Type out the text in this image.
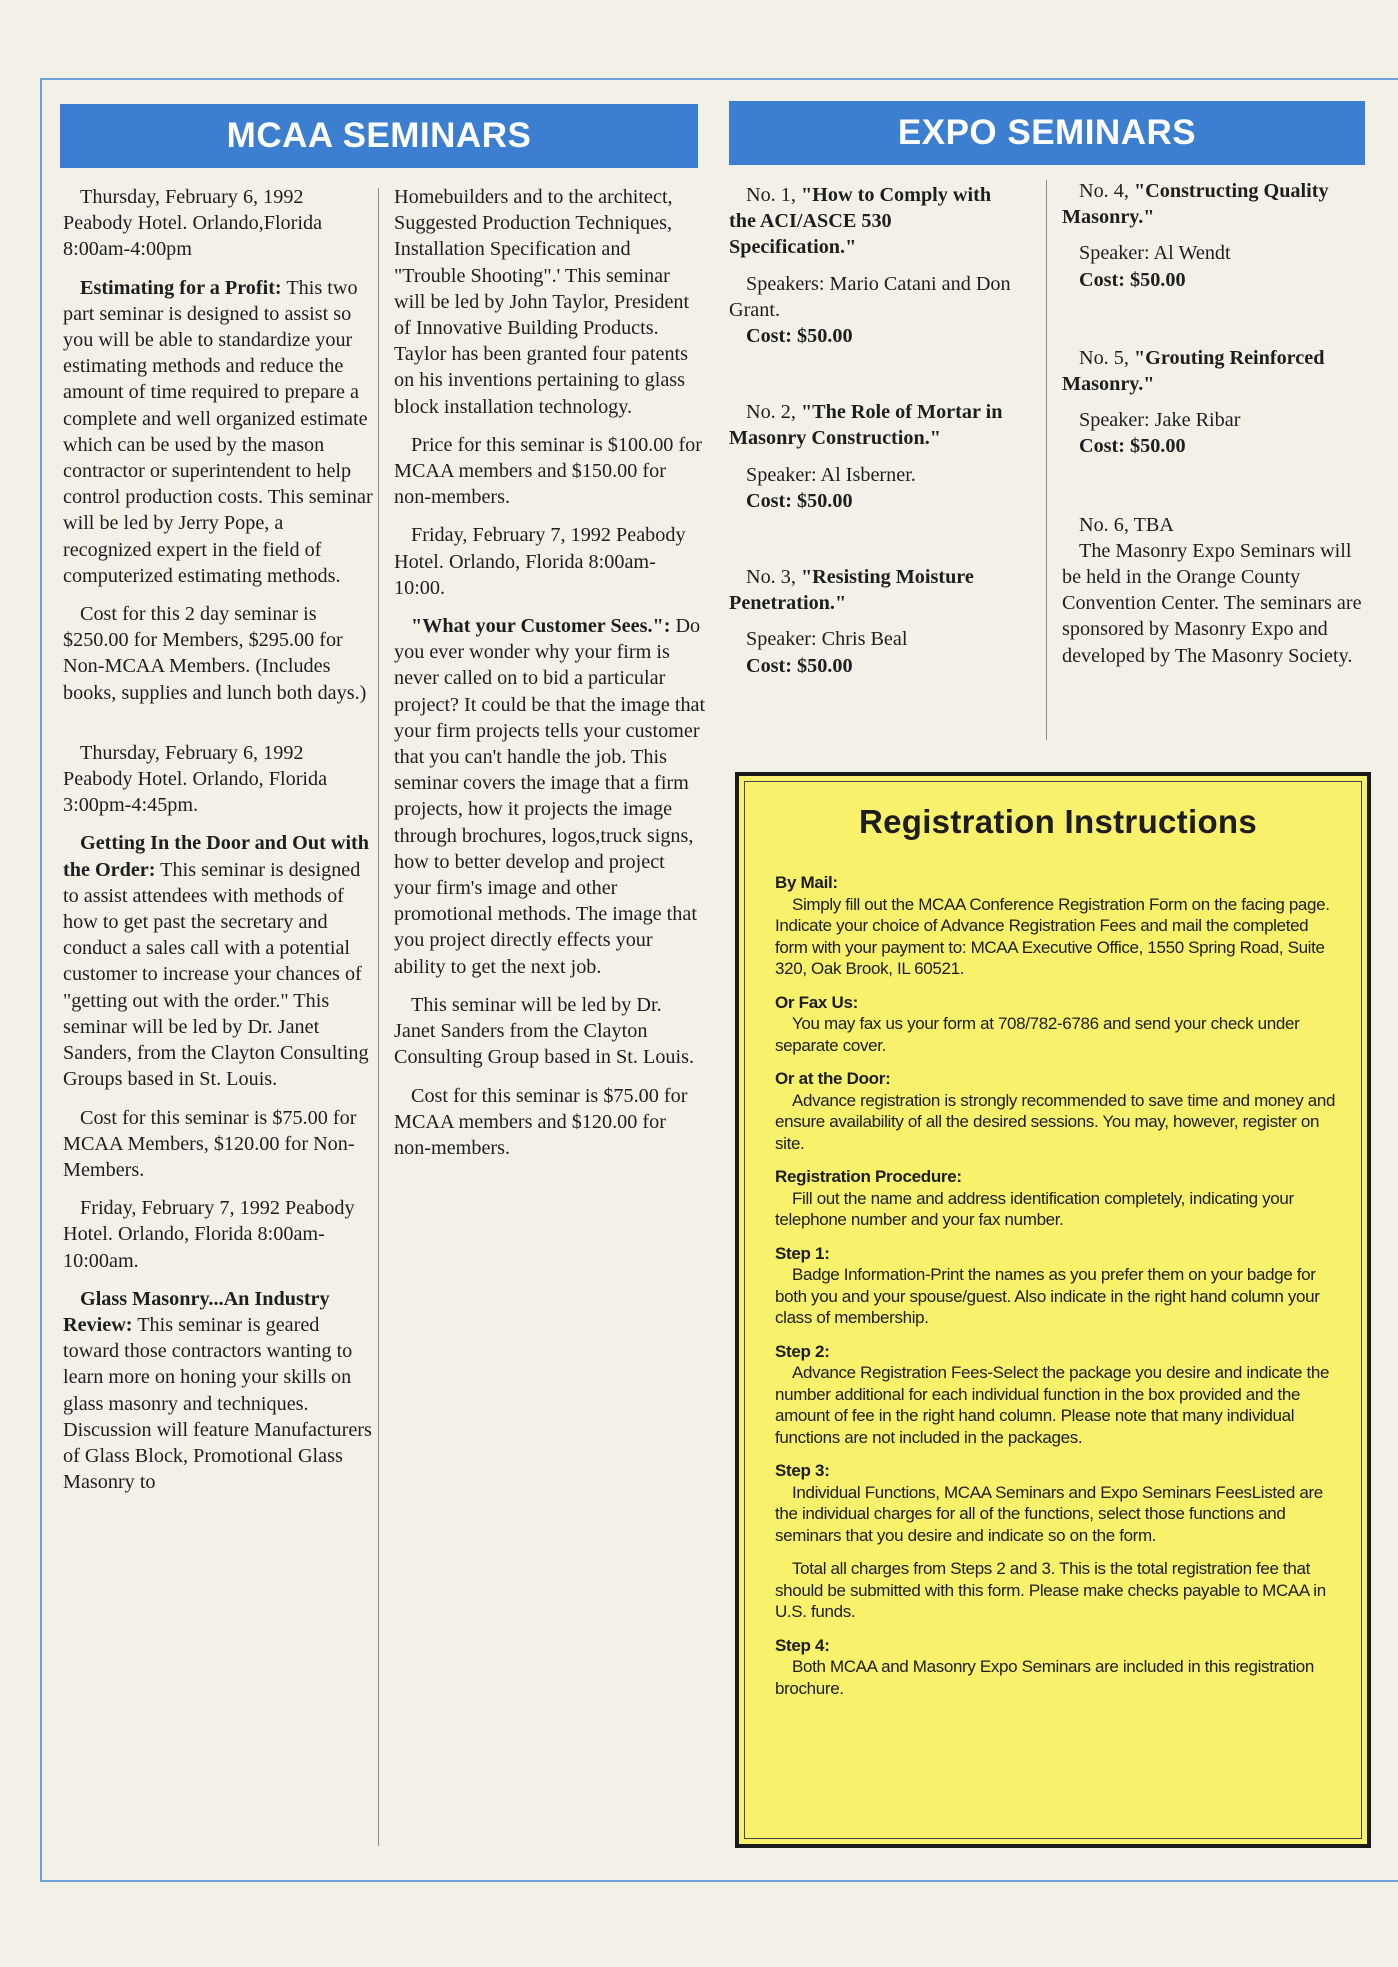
MCAA SEMINARS	EXPO SEMINARS

Thursday, February 6, 1992 Peabody Hotel. Orlando,Florida 8:00am-4:00pm

Estimating for a Profit: This two part seminar is designed to assist so you will be able to standardize your estimating methods and reduce the amount of time required to prepare a complete and well organized estimate which can be used by the mason contractor or superintendent to help control production costs. This seminar will be led by Jerry Pope, a recognized expert in the field of computerized estimating methods.

Cost for this 2 day seminar is $250.00 for Members, $295.00 for Non-MCAA Members. (Includes books, supplies and lunch both days.)

Thursday, February 6, 1992 Peabody Hotel. Orlando, Florida 3:00pm-4:45pm.

Getting In the Door and Out with the Order: This seminar is designed to assist attendees with methods of how to get past the secretary and conduct a sales call with a potential customer to increase your chances of "getting out with the order." This seminar will be led by Dr. Janet Sanders, from the Clayton Consulting Groups based in St. Louis.

Cost for this seminar is $75.00 for MCAA Members, $120.00 for Non-Members.

Friday, February 7, 1992 Peabody Hotel. Orlando, Florida 8:00am-10:00am.

Glass Masonry...An Industry Review: This seminar is geared toward those contractors wanting to learn more on honing your skills on glass masonry and techniques. Discussion will feature Manufacturers of Glass Block, Promotional Glass Masonry to

Homebuilders and to the architect, Suggested Production Techniques, Installation Specification and "Trouble Shooting".' This seminar will be led by John Taylor, President of Innovative Building Products. Taylor has been granted four patents on his inventions pertaining to glass block installation technology.

Price for this seminar is $100.00 for MCAA members and $150.00 for non-members.

Friday, February 7, 1992 Peabody Hotel. Orlando, Florida 8:00am-10:00.

"What your Customer Sees.": Do you ever wonder why your firm is never called on to bid a particular project? It could be that the image that your firm projects tells your customer that you can't handle the job. This seminar covers the image that a firm projects, how it projects the image through brochures, logos,truck signs, how to better develop and project your firm's image and other promotional methods. The image that you project directly effects your ability to get the next job.

This seminar will be led by Dr. Janet Sanders from the Clayton Consulting Group based in St. Louis.

Cost for this seminar is $75.00 for MCAA members and $120.00 for non-members.

No. 1, "How to Comply with the ACI/ASCE 530 Specification."

Speakers: Mario Catani and Don Grant.

Cost: $50.00

No. 2, "The Role of Mortar in Masonry Construction."

Speaker: Al Isberner.

Cost: $50.00

No. 3, "Resisting Moisture Penetration."

Speaker: Chris Beal

Cost: $50.00

No. 4, "Constructing Quality Masonry."

Speaker: Al Wendt

Cost: $50.00

No. 5, "Grouting Reinforced Masonry."

Speaker: Jake Ribar

Cost: $50.00

No. 6, TBA

The Masonry Expo Seminars will be held in the Orange County Convention Center. The seminars are sponsored by Masonry Expo and developed by The Masonry Society.

Registration Instructions

By Mail:

Simply fill out the MCAA Conference Registration Form on the facing page. Indicate your choice of Advance Registration Fees and mail the completed form with your payment to: MCAA Executive Office, 1550 Spring Road, Suite 320, Oak Brook, IL 60521.

Or Fax Us:

You may fax us your form at 708/782-6786 and send your check under separate cover.

Or at the Door:

Advance registration is strongly recommended to save time and money and ensure availability of all the desired sessions. You may, however, register on site.

Registration Procedure:

Fill out the name and address identification completely, indicating your telephone number and your fax number.

Step 1:

Badge Information-Print the names as you prefer them on your badge for both you and your spouse/guest. Also indicate in the right hand column your class of membership.

Step 2:

Advance Registration Fees-Select the package you desire and indicate the number additional for each individual function in the box provided and the amount of fee in the right hand column. Please note that many individual functions are not included in the packages.

Step 3:

Individual Functions, MCAA Seminars and Expo Seminars FeesListed are the individual charges for all of the functions, select those functions and seminars that you desire and indicate so on the form.

Total all charges from Steps 2 and 3. This is the total registration fee that should be submitted with this form. Please make checks payable to MCAA in U.S. funds.

Step 4:

Both MCAA and Masonry Expo Seminars are included in this registration brochure.
